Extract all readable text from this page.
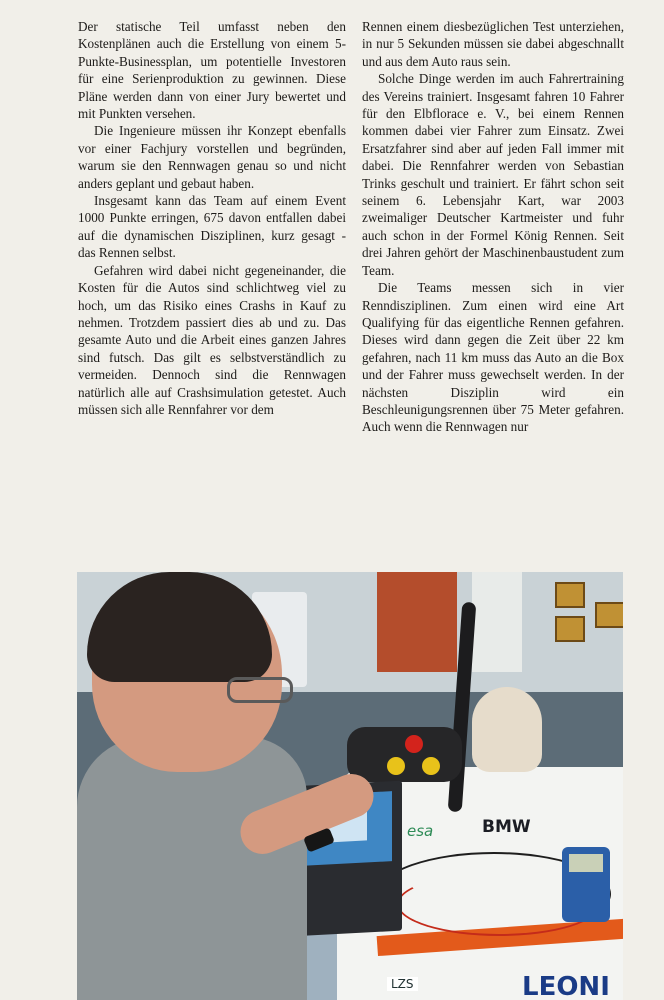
Der statische Teil umfasst neben den Kostenplänen auch die Erstellung von einem 5-Punkte-Businessplan, um potentielle Investoren für eine Serienproduktion zu gewinnen. Diese Pläne werden dann von einer Jury bewertet und mit Punkten versehen.

Die Ingenieure müssen ihr Konzept ebenfalls vor einer Fachjury vorstellen und begründen, warum sie den Rennwagen genau so und nicht anders geplant und gebaut haben.

Insgesamt kann das Team auf einem Event 1000 Punkte erringen, 675 davon entfallen dabei auf die dynamischen Disziplinen, kurz gesagt - das Rennen selbst.

Gefahren wird dabei nicht gegeneinander, die Kosten für die Autos sind schlichtweg viel zu hoch, um das Risiko eines Crashs in Kauf zu nehmen. Trotzdem passiert dies ab und zu. Das gesamte Auto und die Arbeit eines ganzen Jahres sind futsch. Das gilt es selbstverständlich zu vermeiden. Dennoch sind die Rennwagen natürlich alle auf Crashsimulation getestet. Auch müssen sich alle Rennfahrer vor dem

Rennen einem diesbezüglichen Test unterziehen, in nur 5 Sekunden müssen sie dabei abgeschnallt und aus dem Auto raus sein.

Solche Dinge werden im auch Fahrertraining des Vereins trainiert. Insgesamt fahren 10 Fahrer für den Elbflorace e. V., bei einem Rennen kommen dabei vier Fahrer zum Einsatz. Zwei Ersatzfahrer sind aber auf jeden Fall immer mit dabei. Die Rennfahrer werden von Sebastian Trinks geschult und trainiert. Er fährt schon seit seinem 6. Lebensjahr Kart, war 2003 zweimaliger Deutscher Kartmeister und fuhr auch schon in der Formel König Rennen. Seit drei Jahren gehört der Maschinenbaustudent zum Team.

Die Teams messen sich in vier Renndisziplinen. Zum einen wird eine Art Qualifying für das eigentliche Rennen gefahren. Dieses wird dann gegen die Zeit über 22 km gefahren, nach 11 km muss das Auto an die Box und der Fahrer muss gewechselt werden. In der nächsten Disziplin wird ein Beschleunigungsrennen über 75 Meter gefahren. Auch wenn die Rennwagen nur

esa	BMW
LZS	LEONI
